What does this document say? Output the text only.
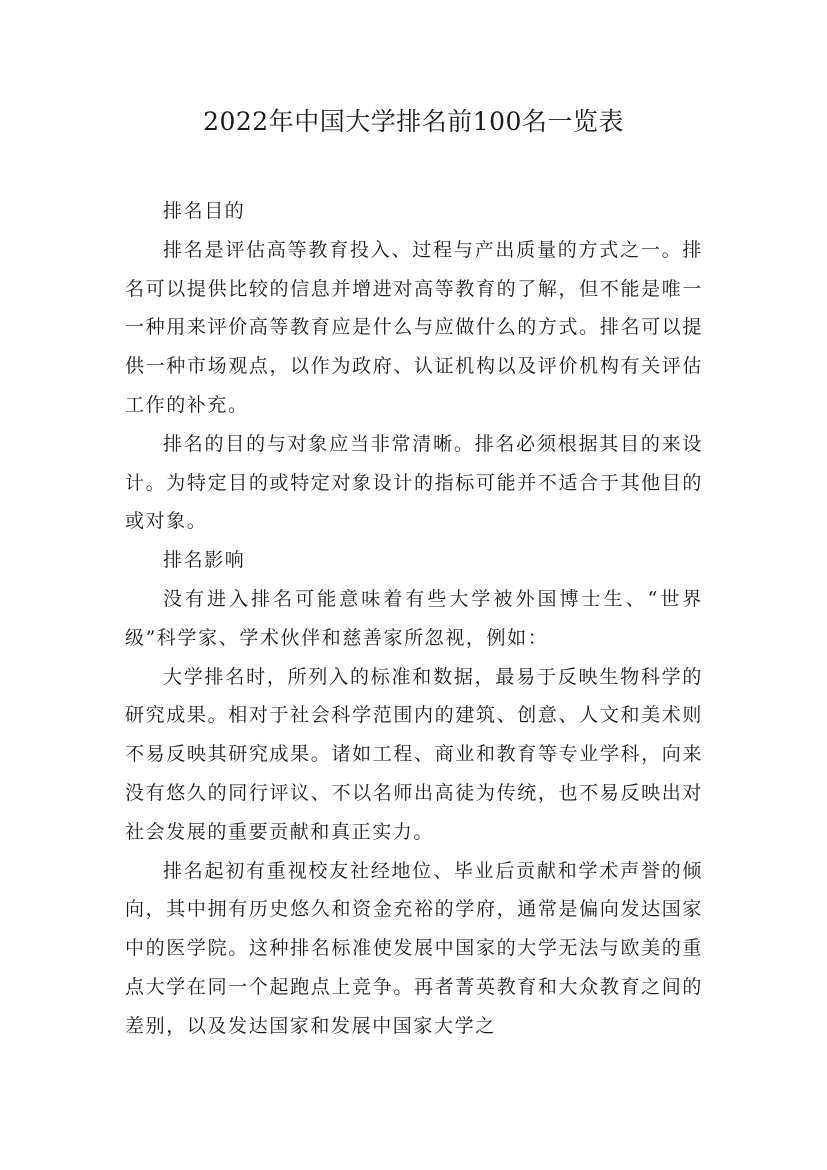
2022年中国大学排名前100名一览表

排名目的

排名是评估高等教育投入、过程与产出质量的方式之一。排名可以提供比较的信息并增进对高等教育的了解，但不能是唯一一种用来评价高等教育应是什么与应做什么的方式。排名可以提供一种市场观点，以作为政府、认证机构以及评价机构有关评估工作的补充。

排名的目的与对象应当非常清晰。排名必须根据其目的来设计。为特定目的或特定对象设计的指标可能并不适合于其他目的或对象。

排名影响

没有进入排名可能意味着有些大学被外国博士生、“世界级”科学家、学术伙伴和慈善家所忽视，例如：

大学排名时，所列入的标准和数据，最易于反映生物科学的研究成果。相对于社会科学范围内的建筑、创意、人文和美术则不易反映其研究成果。诸如工程、商业和教育等专业学科，向来没有悠久的同行评议、不以名师出高徒为传统，也不易反映出对社会发展的重要贡献和真正实力。

排名起初有重视校友社经地位、毕业后贡献和学术声誉的倾向，其中拥有历史悠久和资金充裕的学府，通常是偏向发达国家中的医学院。这种排名标准使发展中国家的大学无法与欧美的重点大学在同一个起跑点上竞争。再者菁英教育和大众教育之间的差别，以及发达国家和发展中国家大学之
